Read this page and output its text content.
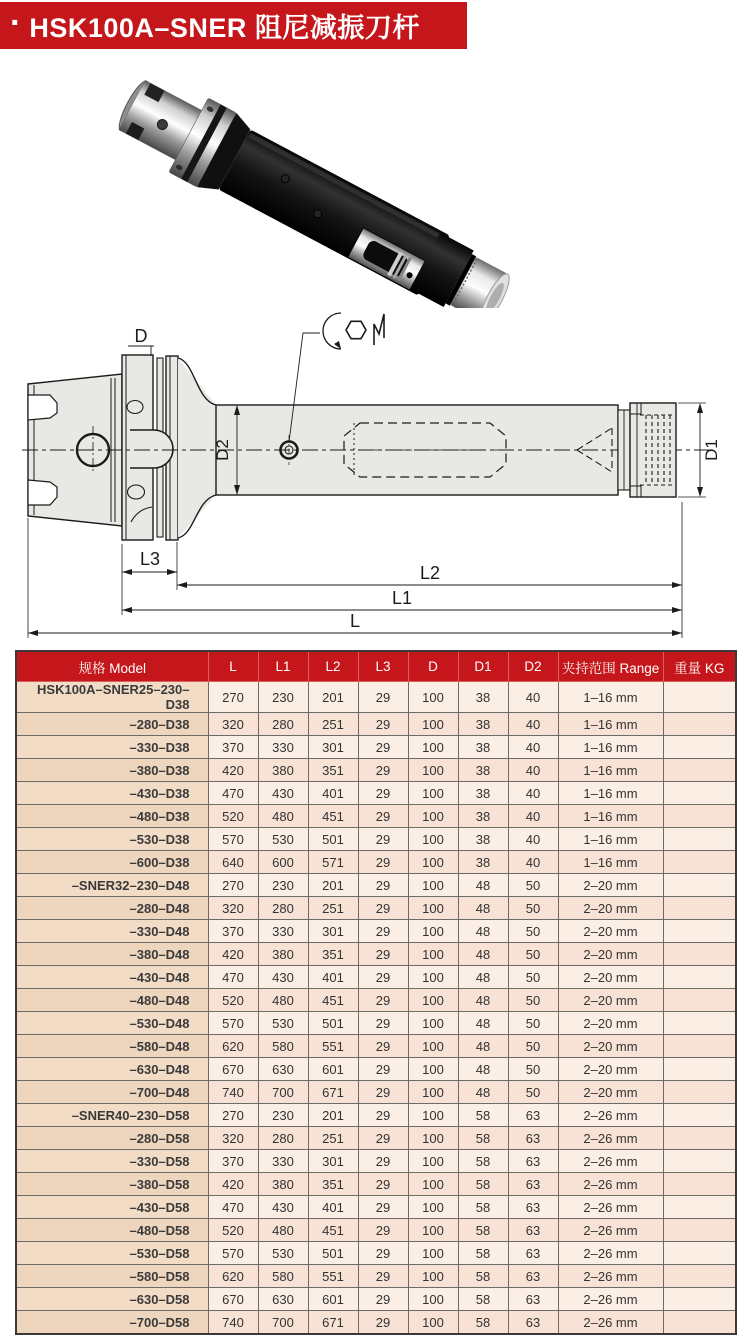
· HSK100A–SNER 阻尼减振刀杆
D
D2	D1
L3
L2
L1
L
规格 Model	L	L1	L2	L3	D	D1	D2	夹持范围 Range	重量 KG
HSK100A–SNER25–230–D38	270	230	201	29	100	38	40	1–16 mm	
–280–D38	320	280	251	29	100	38	40	1–16 mm	
–330–D38	370	330	301	29	100	38	40	1–16 mm	
–380–D38	420	380	351	29	100	38	40	1–16 mm	
–430–D38	470	430	401	29	100	38	40	1–16 mm	
–480–D38	520	480	451	29	100	38	40	1–16 mm	
–530–D38	570	530	501	29	100	38	40	1–16 mm	
–600–D38	640	600	571	29	100	38	40	1–16 mm	
–SNER32–230–D48	270	230	201	29	100	48	50	2–20 mm	
–280–D48	320	280	251	29	100	48	50	2–20 mm	
–330–D48	370	330	301	29	100	48	50	2–20 mm	
–380–D48	420	380	351	29	100	48	50	2–20 mm	
–430–D48	470	430	401	29	100	48	50	2–20 mm	
–480–D48	520	480	451	29	100	48	50	2–20 mm	
–530–D48	570	530	501	29	100	48	50	2–20 mm	
–580–D48	620	580	551	29	100	48	50	2–20 mm	
–630–D48	670	630	601	29	100	48	50	2–20 mm	
–700–D48	740	700	671	29	100	48	50	2–20 mm	
–SNER40–230–D58	270	230	201	29	100	58	63	2–26 mm	
–280–D58	320	280	251	29	100	58	63	2–26 mm	
–330–D58	370	330	301	29	100	58	63	2–26 mm	
–380–D58	420	380	351	29	100	58	63	2–26 mm	
–430–D58	470	430	401	29	100	58	63	2–26 mm	
–480–D58	520	480	451	29	100	58	63	2–26 mm	
–530–D58	570	530	501	29	100	58	63	2–26 mm	
–580–D58	620	580	551	29	100	58	63	2–26 mm	
–630–D58	670	630	601	29	100	58	63	2–26 mm	
–700–D58	740	700	671	29	100	58	63	2–26 mm	
